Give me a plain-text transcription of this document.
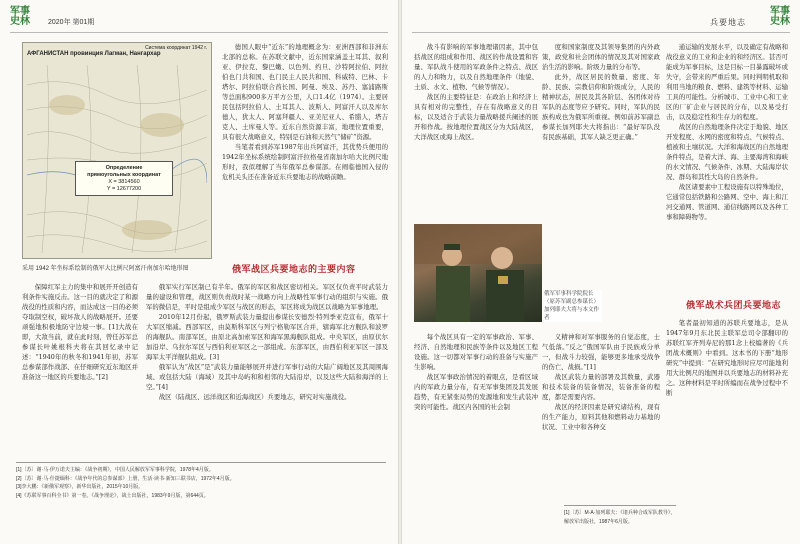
军事
史林	2020年 第01期
Система координат 1942 г.
АФГАНИСТАН провинция Лагман, Нангархар
Определение
прямоугольных координат
X = 3814560
Y = 12677200
采用 1942 年坐标系绘制的俄军大比例尺阿富汗南加尔哈地形图

德国人眼中“近东”的地理概念为：亚洲西部和非洲东北部的总称。在苏联文献中，近东国家涵盖土耳其、叙利亚、伊拉克、黎巴嫩、以色列、约旦、沙特阿拉伯、阿拉伯也门共和国、也门民主人民共和国、科威特、巴林、卡塔尔、阿拉伯联合酋长国、阿曼、埃及、苏丹、塞浦路斯等总面积900多万平方公里，人口1.4亿（1974）。主要居民包括阿拉伯人、土耳其人、波斯人、阿富汗人以及库尔德人，犹太人、阿塞拜疆人、亚美尼亚人、希腊人，塔吉克人、土库曼人等。近东自然资源丰富，地理位置重要，具有很大战略意义，特别是石油和天然气“储矿”资源。

当笔者看到苏军1987年出兵阿富汗，其优势兵便用的1942年坐标系统绘制阿富汗拉格曼省南加尔哈大比例尺地形时，我似理解了当年俄军总参谋部。在阐临德国入侵的危机关头还在准备近东兵要地志的战略前瞻。

俄军战区兵要地志的主要内容

保障红军主力的集中和展开开创造有利条件实施反击。这一目的就决定了和源战役的性质和内容，而达成这一目的必须夺取制空权，破坏敌人的战略展开。还要顽强地积极地防守边境一事。[1]大战在即，大敌当前，就在此时刻，曾任苏军总参谋长叶姚根科夫将在其回忆录中记述：“1940年的秋冬和1941年初，苏军总参谋部作战部、在仔细研究近东地区并准备这一地区的兵要地志。”[2]

俄军实行军区制已有半年。俄军的军区和战区密切相关。军区仅负责平时武装力量的建设和管理，战区则负责战时某一战略方向上战略性军事行动的组织与实施。俄军的微信是，平时是组成少军区与战区的形态，军区将成为战区以战略为军事地理。

2010年12月份起，俄罗斯武装力量提出参谋长安德烈·特列季亚克宣布，俄军十大军区缩减。西部军区，由莫斯科军区与列宁格勒军区合并，辖海军北方舰队和波罗的海舰队。南部军区，由原北高加索军区和海军黑海舰队组成。中央军区，由原伏尔加沿岸、乌拉尔军区与西伯利亚军区之一部组成。东部军区，由西伯利亚军区一部及海军太平洋舰队组成。[3]

俄军认为“战区”是“武装力量能够展开并进行军事行动的大陆广阔地区及其周围海域、或包括大陆（海域）及其中岛屿和和相邻的大陆沿岸，以及这些大陆和海洋的上空。”[4]

战区（陆战区、远洋战区和近海战区）兵要地志，研究对实施战役。

[1]〔苏〕谢·马·伊万诺夫主编：《战争初期》，中国人民解放军军事科学院，1978年4月版。
[2]〔苏〕谢·马·什捷缅科：《战争年代的总参谋部》上册，生活·读书·新知三联书店，1972年4月版。
[3]李大鹏：《新俄军观察》，新华出版社，2015年10月版。
[4]《苏联军事百科全书》第一卷。《战争理论》，战士出版社，1983年9月版，第644页。
兵要地志
军事
史林

战斗有影响的军事地理诸因素，其中包括战区的组成和作用、战区的作战设置和容量、军队战斗使用的军政条件之特点、战区的人力和物力，以及自然地理条件（地貌、土质、水文、植物、气候等情况）。

战区的主要特征是：在政治上和经济上具有相对的完整性，存在有战略意义的目标，以及适合于武装力量战略援兵阑述的展开和作战。按地理位置战区分为大陆战区，大洋战区或海上战区。

度和国家制度及其领导集团的内外政策，政党和社会团体的情况及其对国家政治生活的影响。阶级力量的分布等。

此外，战区居民的数量、密度、年龄、民族、宗教信仰和阶级成分，人民的精神状态，居民及其各阶层、各团体对待军队的态度等应予研究。同时，军队的民族构成也为俄军所重视。例如前苏军副总参谋长加列耶夫大将指出：“最好军队没有民族基础，其军人缺乏更正确。”

通运输的发展水平，以及确定有战略和战役意义的工业和企业的和经济区。甚否可能成为军事目标，这是目标一目暴露破坏或失守，会带来的严重后果。同时判明机取和利用当地的粮食、燃料、建筑等材料、运输工具的可能性。分析城市、工业中心和工业区的厂矿企业与居民的分布，以及易受打击，以及稳定性和生存力的程度。

战区的自然地理条件决定于地貌、地区开发程度、水网的密度和特点、气候特点、植被和土壤状况。大洋和海战区的自然地理条件特点，是着大洋、海、主要海湾和海峡的水文情况、气候条件、冰期、大陆海岸状况、群岛和其性大岛的自然条件。

战区诸要素中工程设施有以特殊地位，它通常包括铁路和公路网、空中、海上和江河交通网、管道网、通信线路网以及各种工事和障碍物等。

俄军军事科学院院长（原苏军副总参谋长）加列耶夫大将与本文作者

每个战区具有一定的军事政治、军事、经济、自然地理和民族等条件以及地区工程设施。这一切都对军事行动的准备与实施产生影响。

战区军事政治情况的着眼点，是看区域内的军政力量分布，有无军事集团及其发展趋势，有无紧张局势的发源地和发生武装冲突的可能性。战区内各国的社会制

义精神和对军事服务的自觉态度，士气低落。”反之“俄国军队由于民族成分单一，但战斗力较强，能够更多地承受战争的伤亡、战损。”[1]

战区武装力量的部署及其数量，武器和技术装备的装备情况，装备准备的程度，都是需要内容。

战区的经济因素是研究诸结构，现有的生产能力，原料其他和燃料动力基地的状况、工业中和各种交

俄军战术兵团兵要地志

笔者最初知道的苏联兵要地志，是从1947年9月东北民主联军总司令部翻印的苏联红军齐列寿尼的那1念上校编著的《兵团战术概则》中看到。这本书的下册“地形研究”中提到：“在研究地形时应尽可能地利用大比例尺的地图并以兵要地志的材料补充之。这种材料是平时所编而在战争过程中不断

[1]〔苏〕M·A·加列耶夫：《诸兵种合成军队教导》，解放军出版社，1987年6月版。
